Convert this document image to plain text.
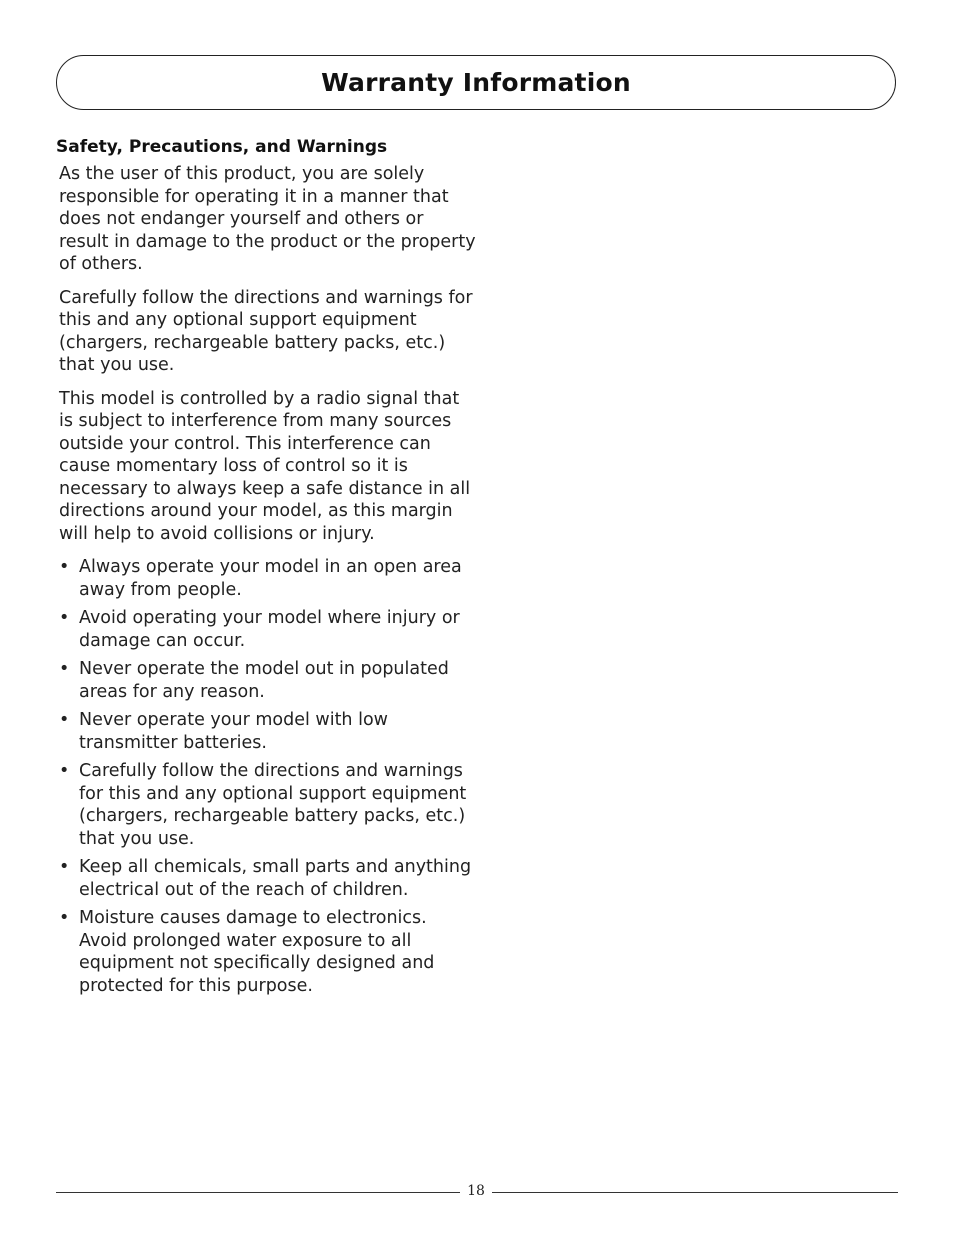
Warranty Information

Safety, Precautions, and Warnings

As the user of this product, you are solely responsible for operating it in a manner that does not endanger yourself and others or result in damage to the product or the property of others.

Carefully follow the directions and warnings for this and any optional support equipment (chargers, rechargeable battery packs, etc.) that you use.

This model is controlled by a radio signal that is subject to interference from many sources outside your control. This interference can cause momentary loss of control so it is necessary to always keep a safe distance in all directions around your model, as this margin will help to avoid collisions or injury.

• Always operate your model in an open area away from people.
• Avoid operating your model where injury or damage can occur.
• Never operate the model out in populated areas for any reason.
• Never operate your model with low transmitter batteries.
• Carefully follow the directions and warnings for this and any optional support equipment (chargers, rechargeable battery packs, etc.) that you use.
• Keep all chemicals, small parts and anything electrical out of the reach of children.
• Moisture causes damage to electronics. Avoid prolonged water exposure to all equipment not specifically designed and protected for this purpose.
18
